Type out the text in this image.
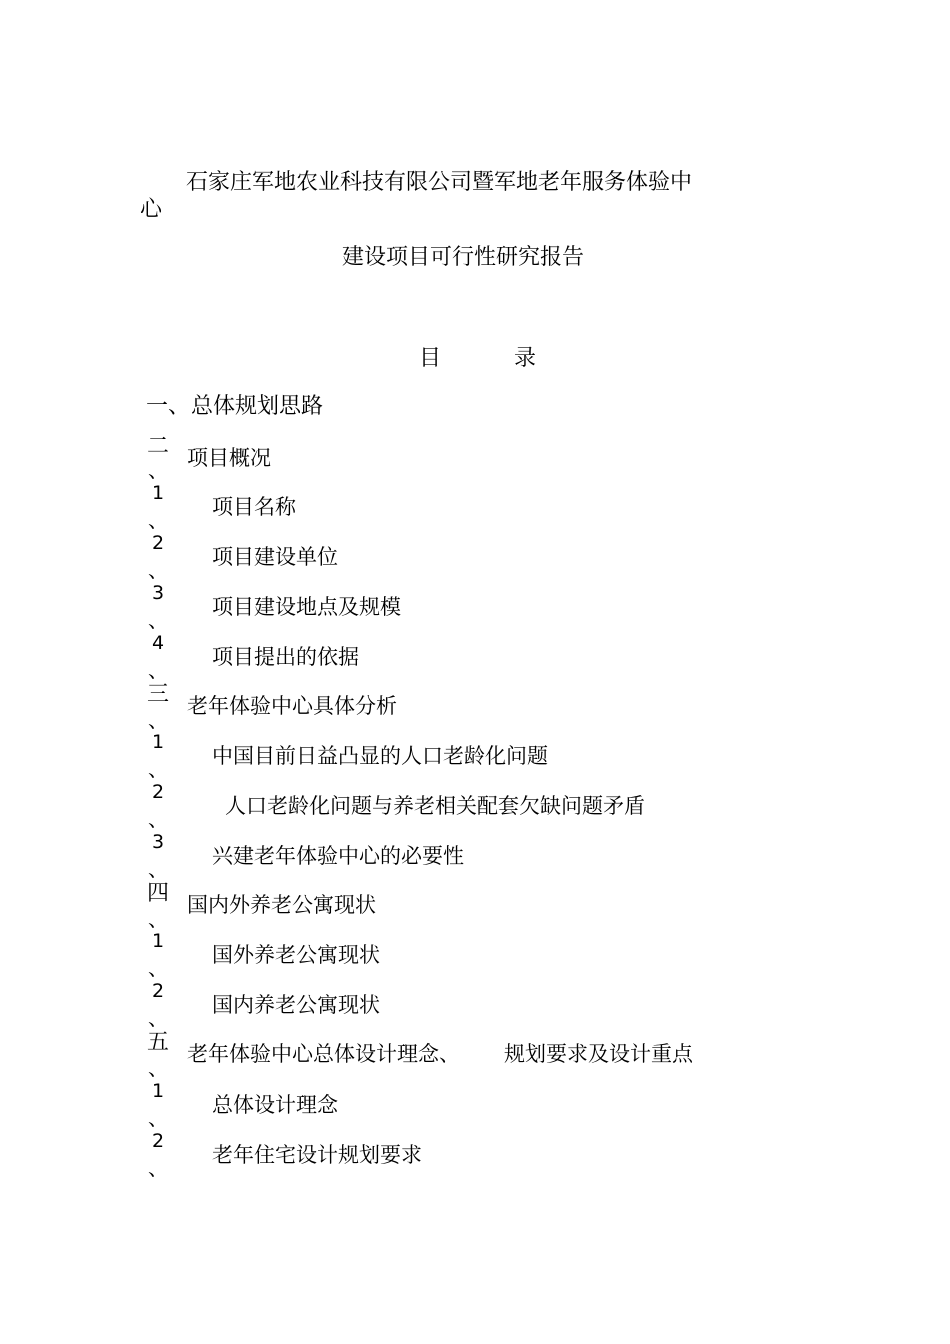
石家庄军地农业科技有限公司暨军地老年服务体验中
心
建设项目可行性研究报告
目	录
一、 总体规划思路
二
、 项目概况
1
、
项目名称
2
、
项目建设单位
3
、
项目建设地点及规模
4
、
项目提出的依据
三
、
老年体验中心具体分析
1
、
中国目前日益凸显的人口老龄化问题
2
、
人口老龄化问题与养老相关配套欠缺问题矛盾
3
、
兴建老年体验中心的必要性
四
、
国内外养老公寓现状
1
、
国外养老公寓现状
2
、
国内养老公寓现状
五
、
老年体验中心总体设计理念、 规划要求及设计重点
1
、
总体设计理念
2
、
老年住宅设计规划要求
